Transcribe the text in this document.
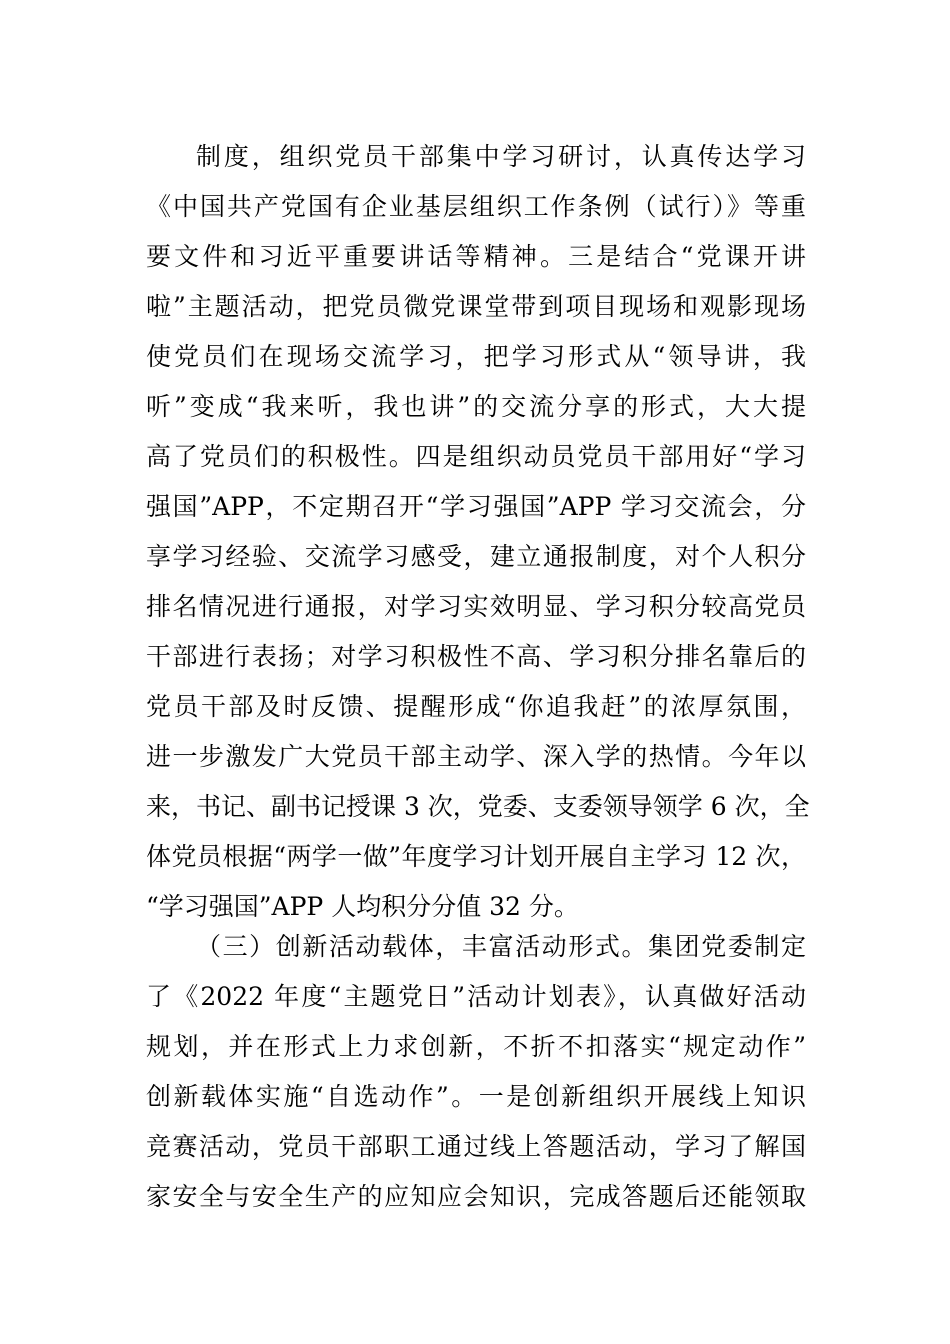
制度，组织党员干部集中学习研讨，认真传达学习
《中国共产党国有企业基层组织工作条例（试行）》等重
要文件和习近平重要讲话等精神。三是结合“党课开讲
啦”主题活动，把党员微党课堂带到项目现场和观影现场
使党员们在现场交流学习，把学习形式从“领导讲，我
听”变成“我来听，我也讲”的交流分享的形式，大大提
高了党员们的积极性。四是组织动员党员干部用好“学习
强国”APP，不定期召开“学习强国”APP 学习交流会，分
享学习经验、交流学习感受，建立通报制度，对个人积分
排名情况进行通报，对学习实效明显、学习积分较高党员
干部进行表扬；对学习积极性不高、学习积分排名靠后的
党员干部及时反馈、提醒形成“你追我赶”的浓厚氛围，
进一步激发广大党员干部主动学、深入学的热情。今年以
来，书记、副书记授课 3 次，党委、支委领导领学 6 次，全
体党员根据“两学一做”年度学习计划开展自主学习 12 次，
“学习强国”APP 人均积分分值 32 分。
（三）创新活动载体，丰富活动形式。集团党委制定
了《2022 年度“主题党日”活动计划表》，认真做好活动
规划，并在形式上力求创新，不折不扣落实“规定动作”
创新载体实施“自选动作”。一是创新组织开展线上知识
竞赛活动，党员干部职工通过线上答题活动，学习了解国
家安全与安全生产的应知应会知识，完成答题后还能领取
